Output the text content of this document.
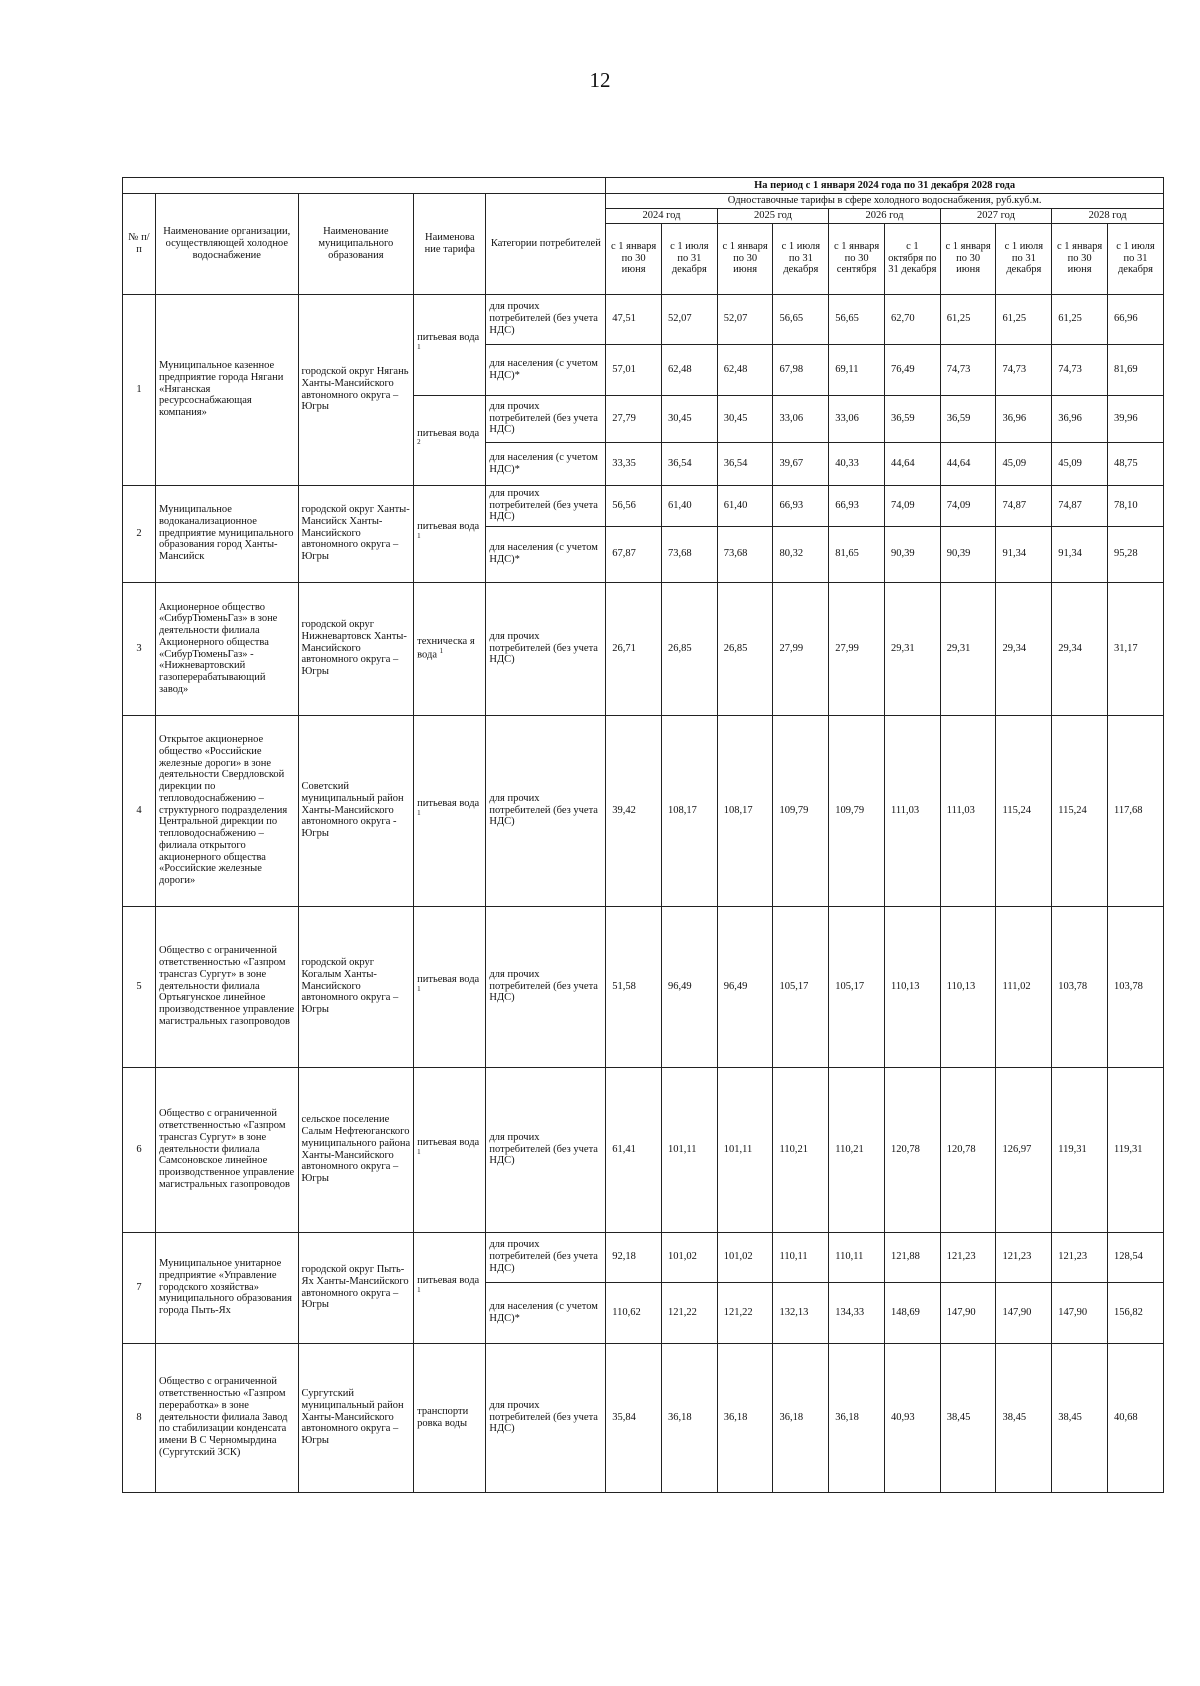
12
					На период с 1 января 2024 года по 31 декабря 2028 года									
№ п/п	Наименование организации, осуществляющей холодное водоснабжение	Наименование муниципального образования	Наименова ние тарифа	Категории потребителей	Одноставочные тарифы в сфере холодного водоснабжения, руб.куб.м.									
					2024 год		2025 год		2026 год		2027 год		2028 год	
					с 1 января по 30 июня	с 1 июля по 31 декабря	с 1 января по 30 июня	с 1 июля по 31 декабря	с 1 января по 30 сентября	с 1 октября по 31 декабря	с 1 января по 30 июня	с 1 июля по 31 декабря	с 1 января по 30 июня	с 1 июля по 31 декабря
1	Муниципальное казенное предприятие города Нягани «Няганская ресурсоснабжающая компания»	городской округ Нягань Ханты-Мансийского автономного округа – Югры	питьевая вода $^1$	для прочих потребителей (без учета НДС)	47,51	52,07	52,07	56,65	56,65	62,70	61,25	61,25	61,25	66,96
				для населения (с учетом НДС)*	57,01	62,48	62,48	67,98	69,11	76,49	74,73	74,73	74,73	81,69
			питьевая вода $^2$	для прочих потребителей (без учета НДС)	27,79	30,45	30,45	33,06	33,06	36,59	36,59	36,96	36,96	39,96
				для населения (с учетом НДС)*	33,35	36,54	36,54	39,67	40,33	44,64	44,64	45,09	45,09	48,75
2	Муниципальное водоканализационное предприятие муниципального образования город Ханты-Мансийск	городской округ Ханты-Мансийск Ханты-Мансийского автономного округа – Югры	питьевая вода $^1$	для прочих потребителей (без учета НДС)	56,56	61,40	61,40	66,93	66,93	74,09	74,09	74,87	74,87	78,10
				для населения (с учетом НДС)*	67,87	73,68	73,68	80,32	81,65	90,39	90,39	91,34	91,34	95,28
3	Акционерное общество «СибурТюменьГаз» в зоне деятельности филиала Акционерного общества «СибурТюменьГаз» - «Нижневартовский газоперерабатывающий завод»	городской округ Нижневартовск Ханты-Мансийского автономного округа – Югры	техническа я вода $^1$	для прочих потребителей (без учета НДС)	26,71	26,85	26,85	27,99	27,99	29,31	29,31	29,34	29,34	31,17
4	Открытое акционерное общество «Российские железные дороги» в зоне деятельности Свердловской дирекции по тепловодоснабжению – структурного подразделения Центральной дирекции по тепловодоснабжению – филиала открытого акционерного общества «Российские железные дороги»	Советский муниципальный район Ханты-Мансийского автономного округа - Югры	питьевая вода $^1$	для прочих потребителей (без учета НДС)	39,42	108,17	108,17	109,79	109,79	111,03	111,03	115,24	115,24	117,68
5	Общество с ограниченной ответственностью «Газпром трансгаз Сургут» в зоне деятельности филиала Ортьягунское линейное производственное управление магистральных газопроводов	городской округ Когалым Ханты-Мансийского автономного округа – Югры	питьевая вода $^1$	для прочих потребителей (без учета НДС)	51,58	96,49	96,49	105,17	105,17	110,13	110,13	111,02	103,78	103,78
6	Общество с ограниченной ответственностью «Газпром трансгаз Сургут» в зоне деятельности филиала Самсоновское линейное производственное управление магистральных газопроводов	сельское поселение Салым Нефтеюганского муниципального района Ханты-Мансийского автономного округа – Югры	питьевая вода $^1$	для прочих потребителей (без учета НДС)	61,41	101,11	101,11	110,21	110,21	120,78	120,78	126,97	119,31	119,31
7	Муниципальное унитарное предприятие «Управление городского хозяйства» муниципального образования города Пыть-Ях	городской округ Пыть-Ях Ханты-Мансийского автономного округа – Югры	питьевая вода $^1$	для прочих потребителей (без учета НДС)	92,18	101,02	101,02	110,11	110,11	121,88	121,23	121,23	121,23	128,54
				для населения (с учетом НДС)*	110,62	121,22	121,22	132,13	134,33	148,69	147,90	147,90	147,90	156,82
8	Общество с ограниченной ответственностью «Газпром переработка» в зоне деятельности филиала Завод по стабилизации конденсата имени В С Черномырдина (Сургутский ЗСК)	Сургутский муниципальный район Ханты-Мансийского автономного округа – Югры	транспорти ровка воды	для прочих потребителей (без учета НДС)	35,84	36,18	36,18	36,18	36,18	40,93	38,45	38,45	38,45	40,68
